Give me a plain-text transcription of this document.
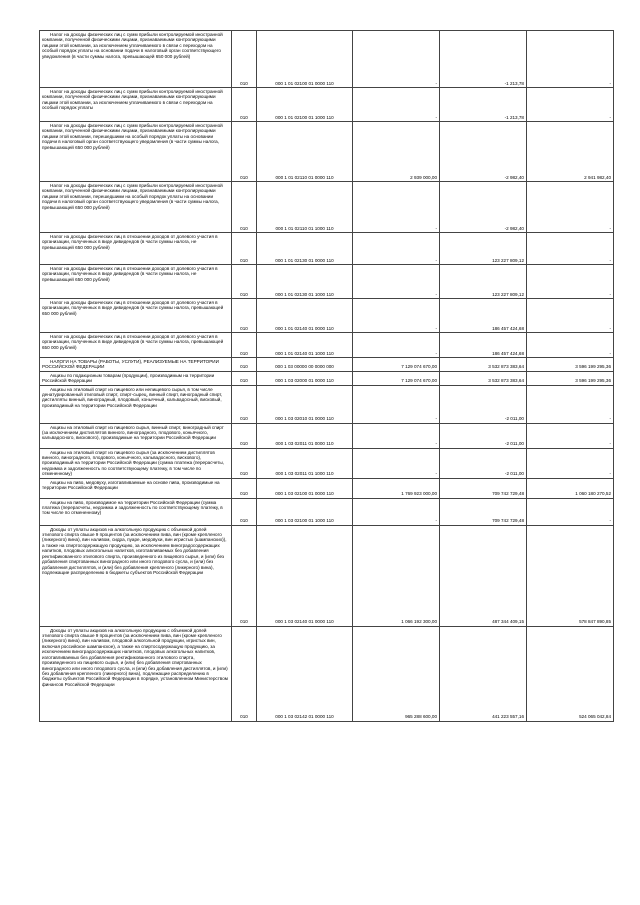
Налог на доходы физических лиц с сумм прибыли контролируемой иностранной компании, полученной физическими лицами, признаваемыми контролирующими лицами этой компании, за исключением уплачиваемого в связи с переходом на особый порядок уплаты на основании подачи в налоговый орган соответствующего уведомления (в части суммы налога, превышающей 650 000 рублей)	010	000 1 01 02100 01 0000 110	-	-1 213,78	-

Налог на доходы физических лиц с сумм прибыли контролируемой иностранной компании, полученной физическими лицами, признаваемыми контролирующими лицами этой компании, за исключением уплачиваемого в связи с переходом на особый порядок уплаты	010	000 1 01 02100 01 1000 110	-	-1 213,78	-

Налог на доходы физических лиц с сумм прибыли контролируемой иностранной компании, полученной физическими лицами, признаваемыми контролирующими лицами этой компании, перешедшими на особый порядок уплаты на основании подачи в налоговый орган соответствующего уведомления (в части суммы налога, превышающей 650 000 рублей)	010	000 1 01 02110 01 0000 110	2 939 000,00	-2 982,40	2 941 982,40

Налог на доходы физических лиц с сумм прибыли контролируемой иностранной компании, полученной физическими лицами, признаваемыми контролирующими лицами этой компании, перешедшими на особый порядок уплаты на основании подачи в налоговый орган соответствующего уведомления (в части суммы налога, превышающей 650 000 рублей)	010	000 1 01 02110 01 1000 110	-	-2 982,40	-

Налог на доходы физических лиц в отношении доходов от долевого участия в организации, полученных в виде дивидендов (в части суммы налога, не превышающей 650 000 рублей)	010	000 1 01 02130 01 0000 110	-	123 227 809,12	-

Налог на доходы физических лиц в отношении доходов от долевого участия в организации, полученных в виде дивидендов (в части суммы налога, не превышающей 650 000 рублей)	010	000 1 01 02130 01 1000 110	-	123 227 809,12	-

Налог на доходы физических лиц в отношении доходов от долевого участия в организации, полученных в виде дивидендов (в части суммы налога, превышающей 650 000 рублей)	010	000 1 01 02140 01 0000 110	-	186 457 424,68	-

Налог на доходы физических лиц в отношении доходов от долевого участия в организации, полученных в виде дивидендов (в части суммы налога, превышающей 650 000 рублей)	010	000 1 01 02140 01 1000 110	-	186 457 424,68	-

НАЛОГИ НА ТОВАРЫ (РАБОТЫ, УСЛУГИ), РЕАЛИЗУЕМЫЕ НА ТЕРРИТОРИИ РОССИЙСКОЙ ФЕДЕРАЦИИ	010	000 1 03 00000 00 0000 000	7 129 074 670,00	3 532 873 383,64	3 596 199 295,36

Акцизы по подакцизным товарам (продукции), производимым на территории Российской Федерации	010	000 1 03 02000 01 0000 110	7 129 074 670,00	3 532 873 383,64	3 596 199 295,36

Акцизы на этиловый спирт из пищевого или непищевого сырья, в том числе денатурированный этиловый спирт, спирт-сырец, винный спирт, виноградный спирт, дистилляты винный, виноградный, плодовый, коньячный, кальвадосный, висковый, производимый на территории Российской Федерации	010	000 1 03 02010 01 0000 110	-	-2 011,00	-

Акцизы на этиловый спирт из пищевого сырья, винный спирт, виноградный спирт (за исключением дистиллятов винного, виноградного, плодового, коньячного, кальвадосного, вискового), производимые на территории Российской Федерации	010	000 1 03 02011 01 0000 110	-	-2 011,00	-

Акцизы на этиловый спирт из пищевого сырья (за исключением дистиллятов винного, виноградного, плодового, коньячного, кальвадосного, вискового), производимый на территории Российской Федерации (сумма платежа (перерасчеты, недоимка и задолженность по соответствующему платежу, в том числе по отмененному)	010	000 1 03 02011 01 1000 110	-	-2 011,00	-

Акцизы на пиво, медовуху, изготавливаемые на основе пива, производимые на территории Российской Федерации	010	000 1 03 02100 01 0000 110	1 769 923 000,00	709 742 729,48	1 060 180 270,52

Акцизы на пиво, производимое на территории Российской Федерации (сумма платежа (перерасчеты, недоимка и задолженность по соответствующему платежу, в том числе по отмененному)	010	000 1 03 02100 01 1000 110	-	709 742 729,48	-

Доходы от уплаты акцизов на алкогольную продукцию с объемной долей этилового спирта свыше 9 процентов (за исключением пива, вин (кроме крепленого (ликерного) вина), вин наливом, сидра, пуаре, медовухи, вин игристых (шампанских)), а также на спиртосодержащую продукцию, за исключением виноградосодержащих напитков, плодовых алкогольных напитков, изготавливаемых без добавления ректификованного этилового спирта, произведенного из пищевого сырья, и (или) без добавления спиртованных виноградного или иного плодового сусла, и (или) без добавления дистиллятов, и (или) без добавления крепленого (ликерного) вина), подлежащие распределению в бюджеты субъектов Российской Федерации	010	000 1 03 02140 01 0000 110	1 066 192 300,00	487 344 409,15	578 847 890,85

Доходы от уплаты акцизов на алкогольную продукцию с объемной долей этилового спирта свыше 9 процентов (за исключением пива, вин (кроме крепленого (ликерного) вина), вин наливом, плодовой алкогольной продукции, игристых вин, включая российское шампанское), а также на спиртосодержащую продукцию, за исключением виноградосодержащих напитков, плодовых алкогольных напитков, изготавливаемых без добавления ректификованного этилового спирта, произведенного из пищевого сырья, и (или) без добавления спиртованных виноградного или иного плодового сусла, и (или) без добавления дистиллятов, и (или) без добавления крепленого (ликерного) вина), подлежащие распределению в бюджеты субъектов Российской Федерации в порядке, установленном Министерством финансов Российской Федерации	010	000 1 03 02142 01 0000 110	965 288 600,00	441 223 557,16	524 065 042,84
